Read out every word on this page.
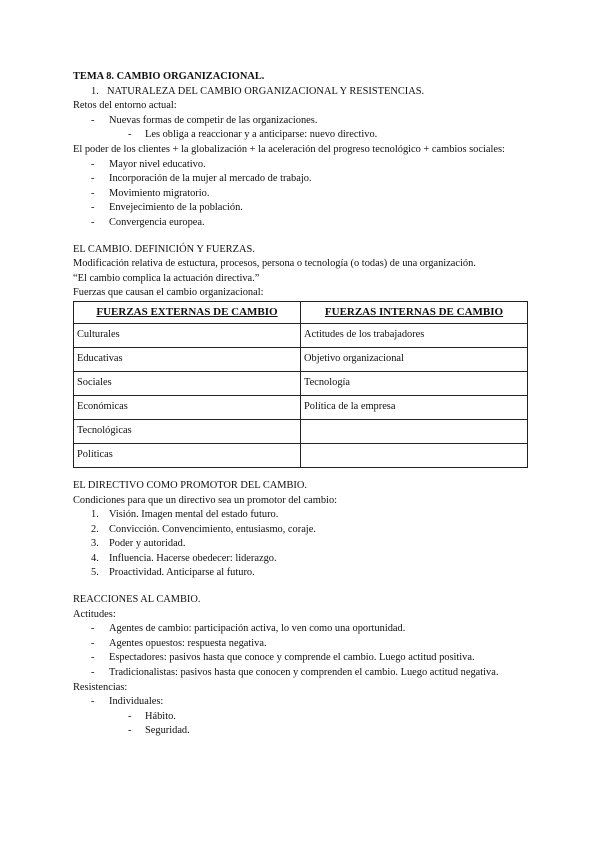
TEMA 8. CAMBIO ORGANIZACIONAL.
1. NATURALEZA DEL CAMBIO ORGANIZACIONAL Y RESISTENCIAS.
Retos del entorno actual:
- Nuevas formas de competir de las organizaciones.
- Les obliga a reaccionar y a anticiparse: nuevo directivo.
El poder de los clientes + la globalización + la aceleración del progreso tecnológico + cambios sociales:
- Mayor nivel educativo.
- Incorporación de la mujer al mercado de trabajo.
- Movimiento migratorio.
- Envejecimiento de la población.
- Convergencia europea.
EL CAMBIO. DEFINICIÓN Y FUERZAS.
Modificación relativa de estuctura, procesos, persona o tecnología (o todas) de una organización.
“El cambio complica la actuación directiva.”
Fuerzas que causan el cambio organizacional:
FUERZAS EXTERNAS DE CAMBIO	FUERZAS INTERNAS DE CAMBIO
Culturales	Actitudes de los trabajadores
Educativas	Objetivo organizacional
Sociales	Tecnología
Económicas	Política de la empresa
Tecnológicas	
Políticas	
EL DIRECTIVO COMO PROMOTOR DEL CAMBIO.
Condiciones para que un directivo sea un promotor del cambio:
1. Visión. Imagen mental del estado futuro.
2. Convicción. Convencimiento, entusiasmo, coraje.
3. Poder y autoridad.
4. Influencia. Hacerse obedecer: liderazgo.
5. Proactividad. Anticiparse al futuro.
REACCIONES AL CAMBIO.
Actitudes:
- Agentes de cambio: participación activa, lo ven como una oportunidad.
- Agentes opuestos: respuesta negativa.
- Espectadores: pasivos hasta que conoce y comprende el cambio. Luego actitud positiva.
- Tradicionalistas: pasivos hasta que conocen y comprenden el cambio. Luego actitud negativa.
Resistencias:
- Individuales:
- Hábito.
- Seguridad.
